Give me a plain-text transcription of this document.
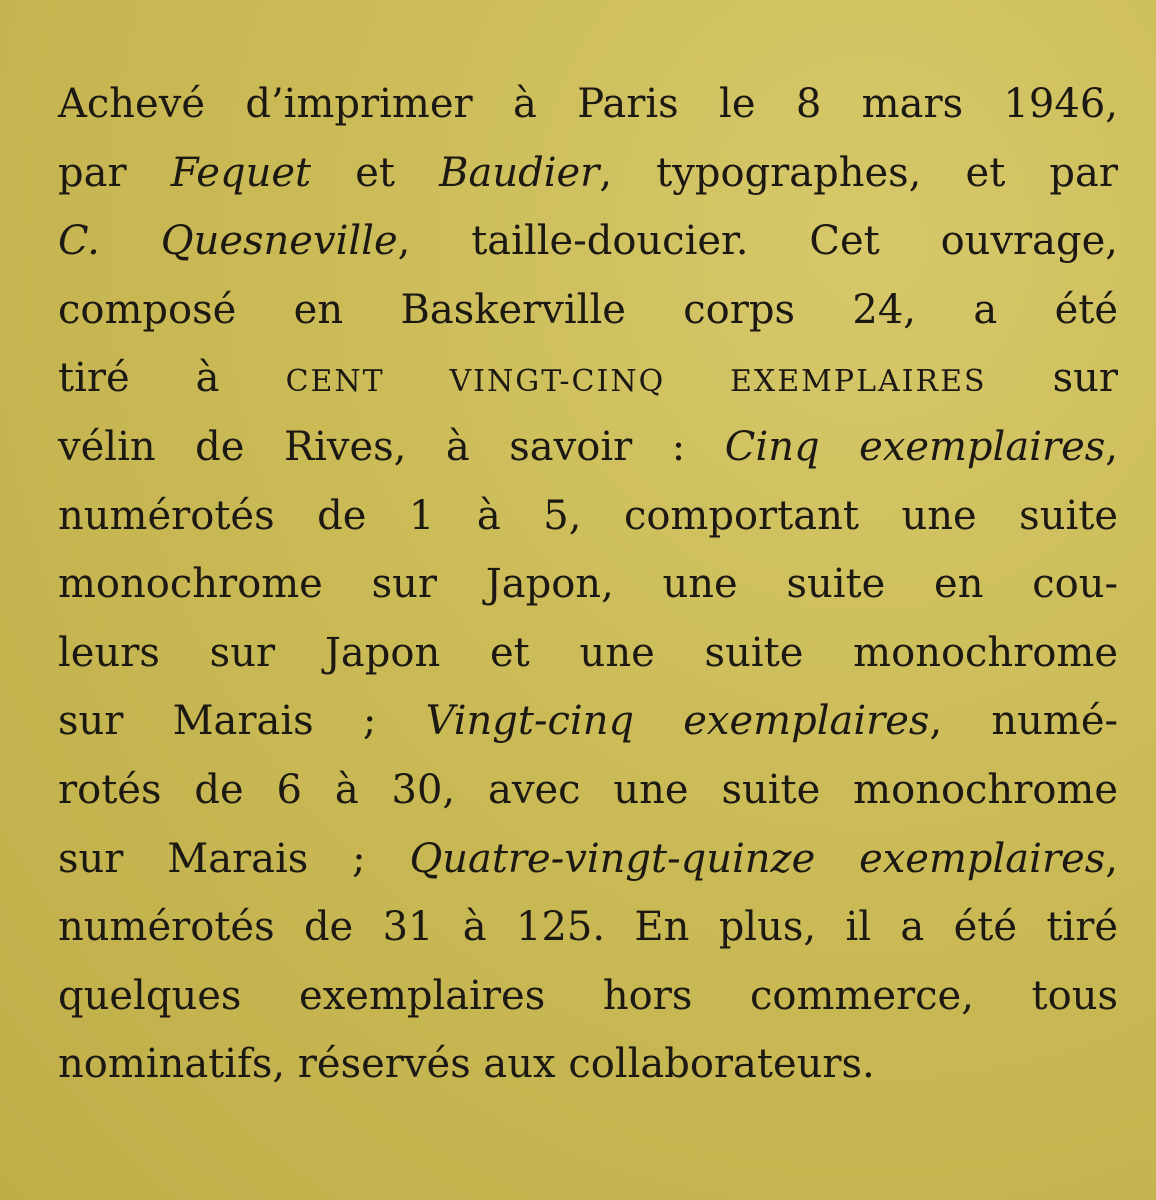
Achevé d’imprimer à Paris le 8 mars 1946,
par Fequet et Baudier, typographes, et par
C. Quesneville, taille-doucier. Cet ouvrage,
composé en Baskerville corps 24, a été
tiré à CENT VINGT-CINQ EXEMPLAIRES sur
vélin de Rives, à savoir : Cinq exemplaires,
numérotés de 1 à 5, comportant une suite
monochrome sur Japon, une suite en cou-
leurs sur Japon et une suite monochrome
sur Marais ; Vingt-cinq exemplaires, numé-
rotés de 6 à 30, avec une suite monochrome
sur Marais ; Quatre-vingt-quinze exemplaires,
numérotés de 31 à 125. En plus, il a été tiré
quelques exemplaires hors commerce, tous
nominatifs, réservés aux collaborateurs.
